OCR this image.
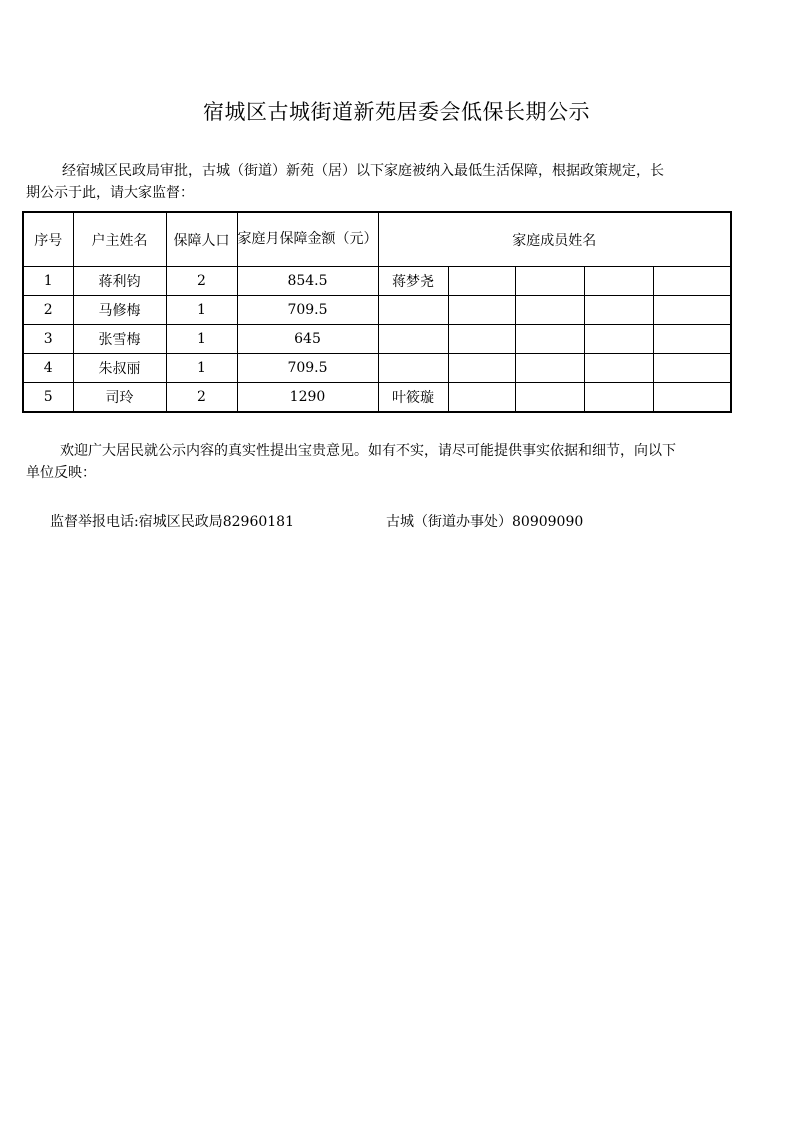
宿城区古城街道新苑居委会低保长期公示
经宿城区民政局审批，古城（街道）新苑（居）以下家庭被纳入最低生活保障，根据政策规定，长期公示于此，请大家监督：
序号	户主姓名	保障人口	家庭月保障金额（元）	家庭成员姓名				
1	蒋利钧	2	854.5	蒋梦尧				
2	马修梅	1	709.5					
3	张雪梅	1	645					
4	朱叔丽	1	709.5					
5	司玲	2	1290	叶筱璇				
欢迎广大居民就公示内容的真实性提出宝贵意见。如有不实，请尽可能提供事实依据和细节，向以下单位反映：
监督举报电话:宿城区民政局82960181	古城（街道办事处）80909090
